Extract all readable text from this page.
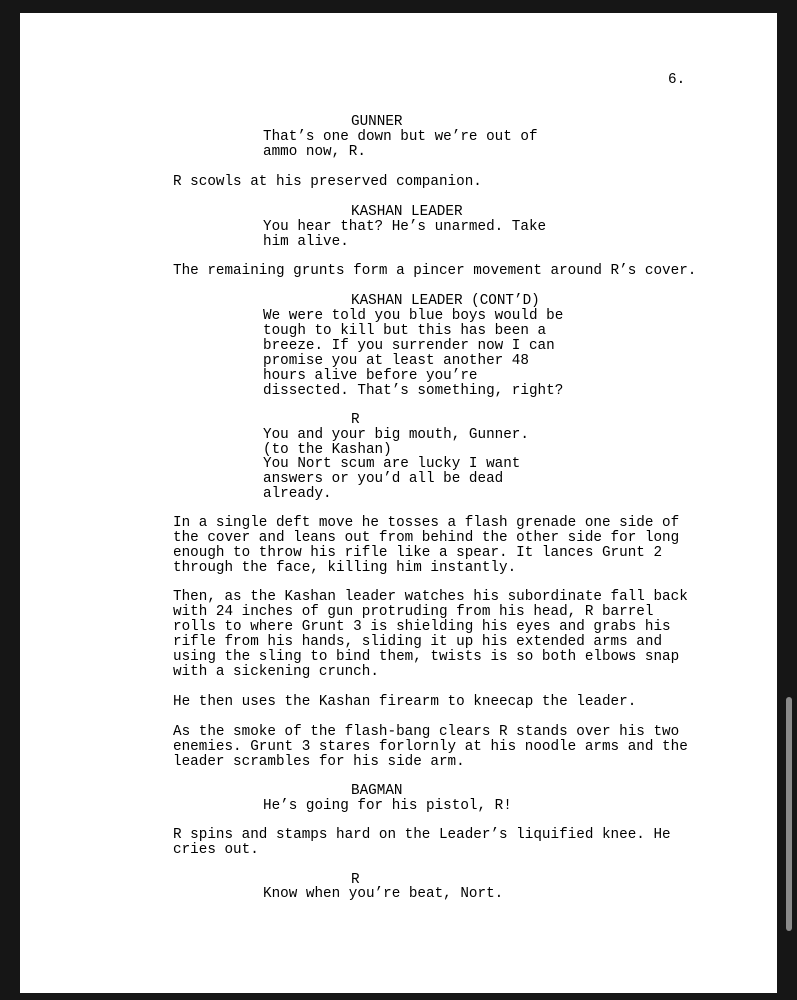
6.
GUNNER
That’s one down but we’re out of
ammo now, R.
R scowls at his preserved companion.
KASHAN LEADER
You hear that? He’s unarmed. Take
him alive.
The remaining grunts form a pincer movement around R’s cover.
KASHAN LEADER (CONT’D)
We were told you blue boys would be
tough to kill but this has been a
breeze. If you surrender now I can
promise you at least another 48
hours alive before you’re
dissected. That’s something, right?
R
You and your big mouth, Gunner.
(to the Kashan)
You Nort scum are lucky I want
answers or you’d all be dead
already.
In a single deft move he tosses a flash grenade one side of
the cover and leans out from behind the other side for long
enough to throw his rifle like a spear. It lances Grunt 2
through the face, killing him instantly.
Then, as the Kashan leader watches his subordinate fall back
with 24 inches of gun protruding from his head, R barrel
rolls to where Grunt 3 is shielding his eyes and grabs his
rifle from his hands, sliding it up his extended arms and
using the sling to bind them, twists is so both elbows snap
with a sickening crunch.
He then uses the Kashan firearm to kneecap the leader.
As the smoke of the flash-bang clears R stands over his two
enemies. Grunt 3 stares forlornly at his noodle arms and the
leader scrambles for his side arm.
BAGMAN
He’s going for his pistol, R!
R spins and stamps hard on the Leader’s liquified knee. He
cries out.
R
Know when you’re beat, Nort.
